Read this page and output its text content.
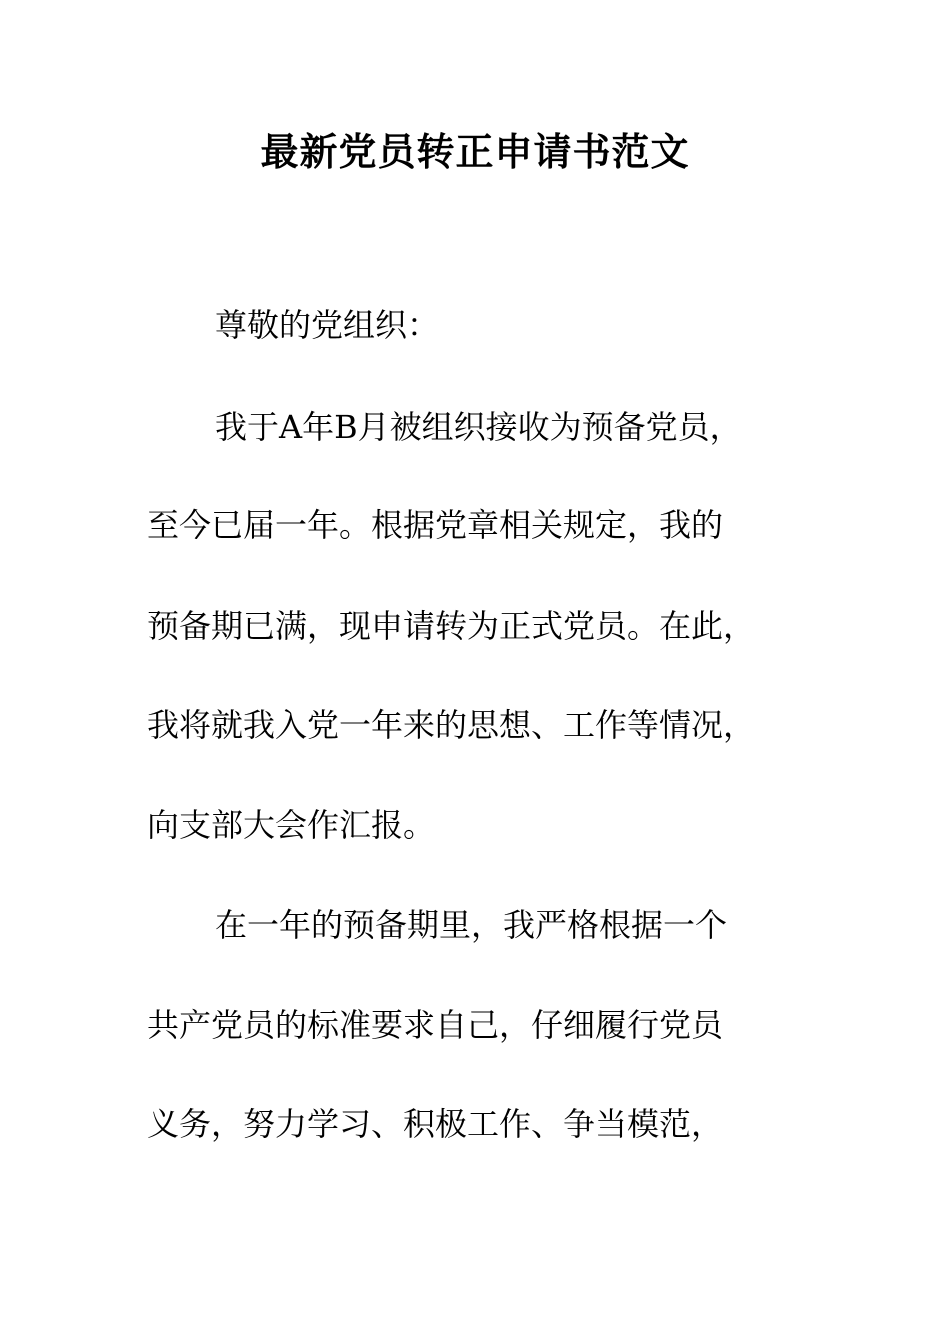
最新党员转正申请书范文
尊敬的党组织：
我于A年B月被组织接收为预备党员，
至今已届一年。根据党章相关规定，我的
预备期已满，现申请转为正式党员。在此，
我将就我入党一年来的思想、工作等情况，
向支部大会作汇报。
在一年的预备期里，我严格根据一个
共产党员的标准要求自己，仔细履行党员
义务，努力学习、积极工作、争当模范，
